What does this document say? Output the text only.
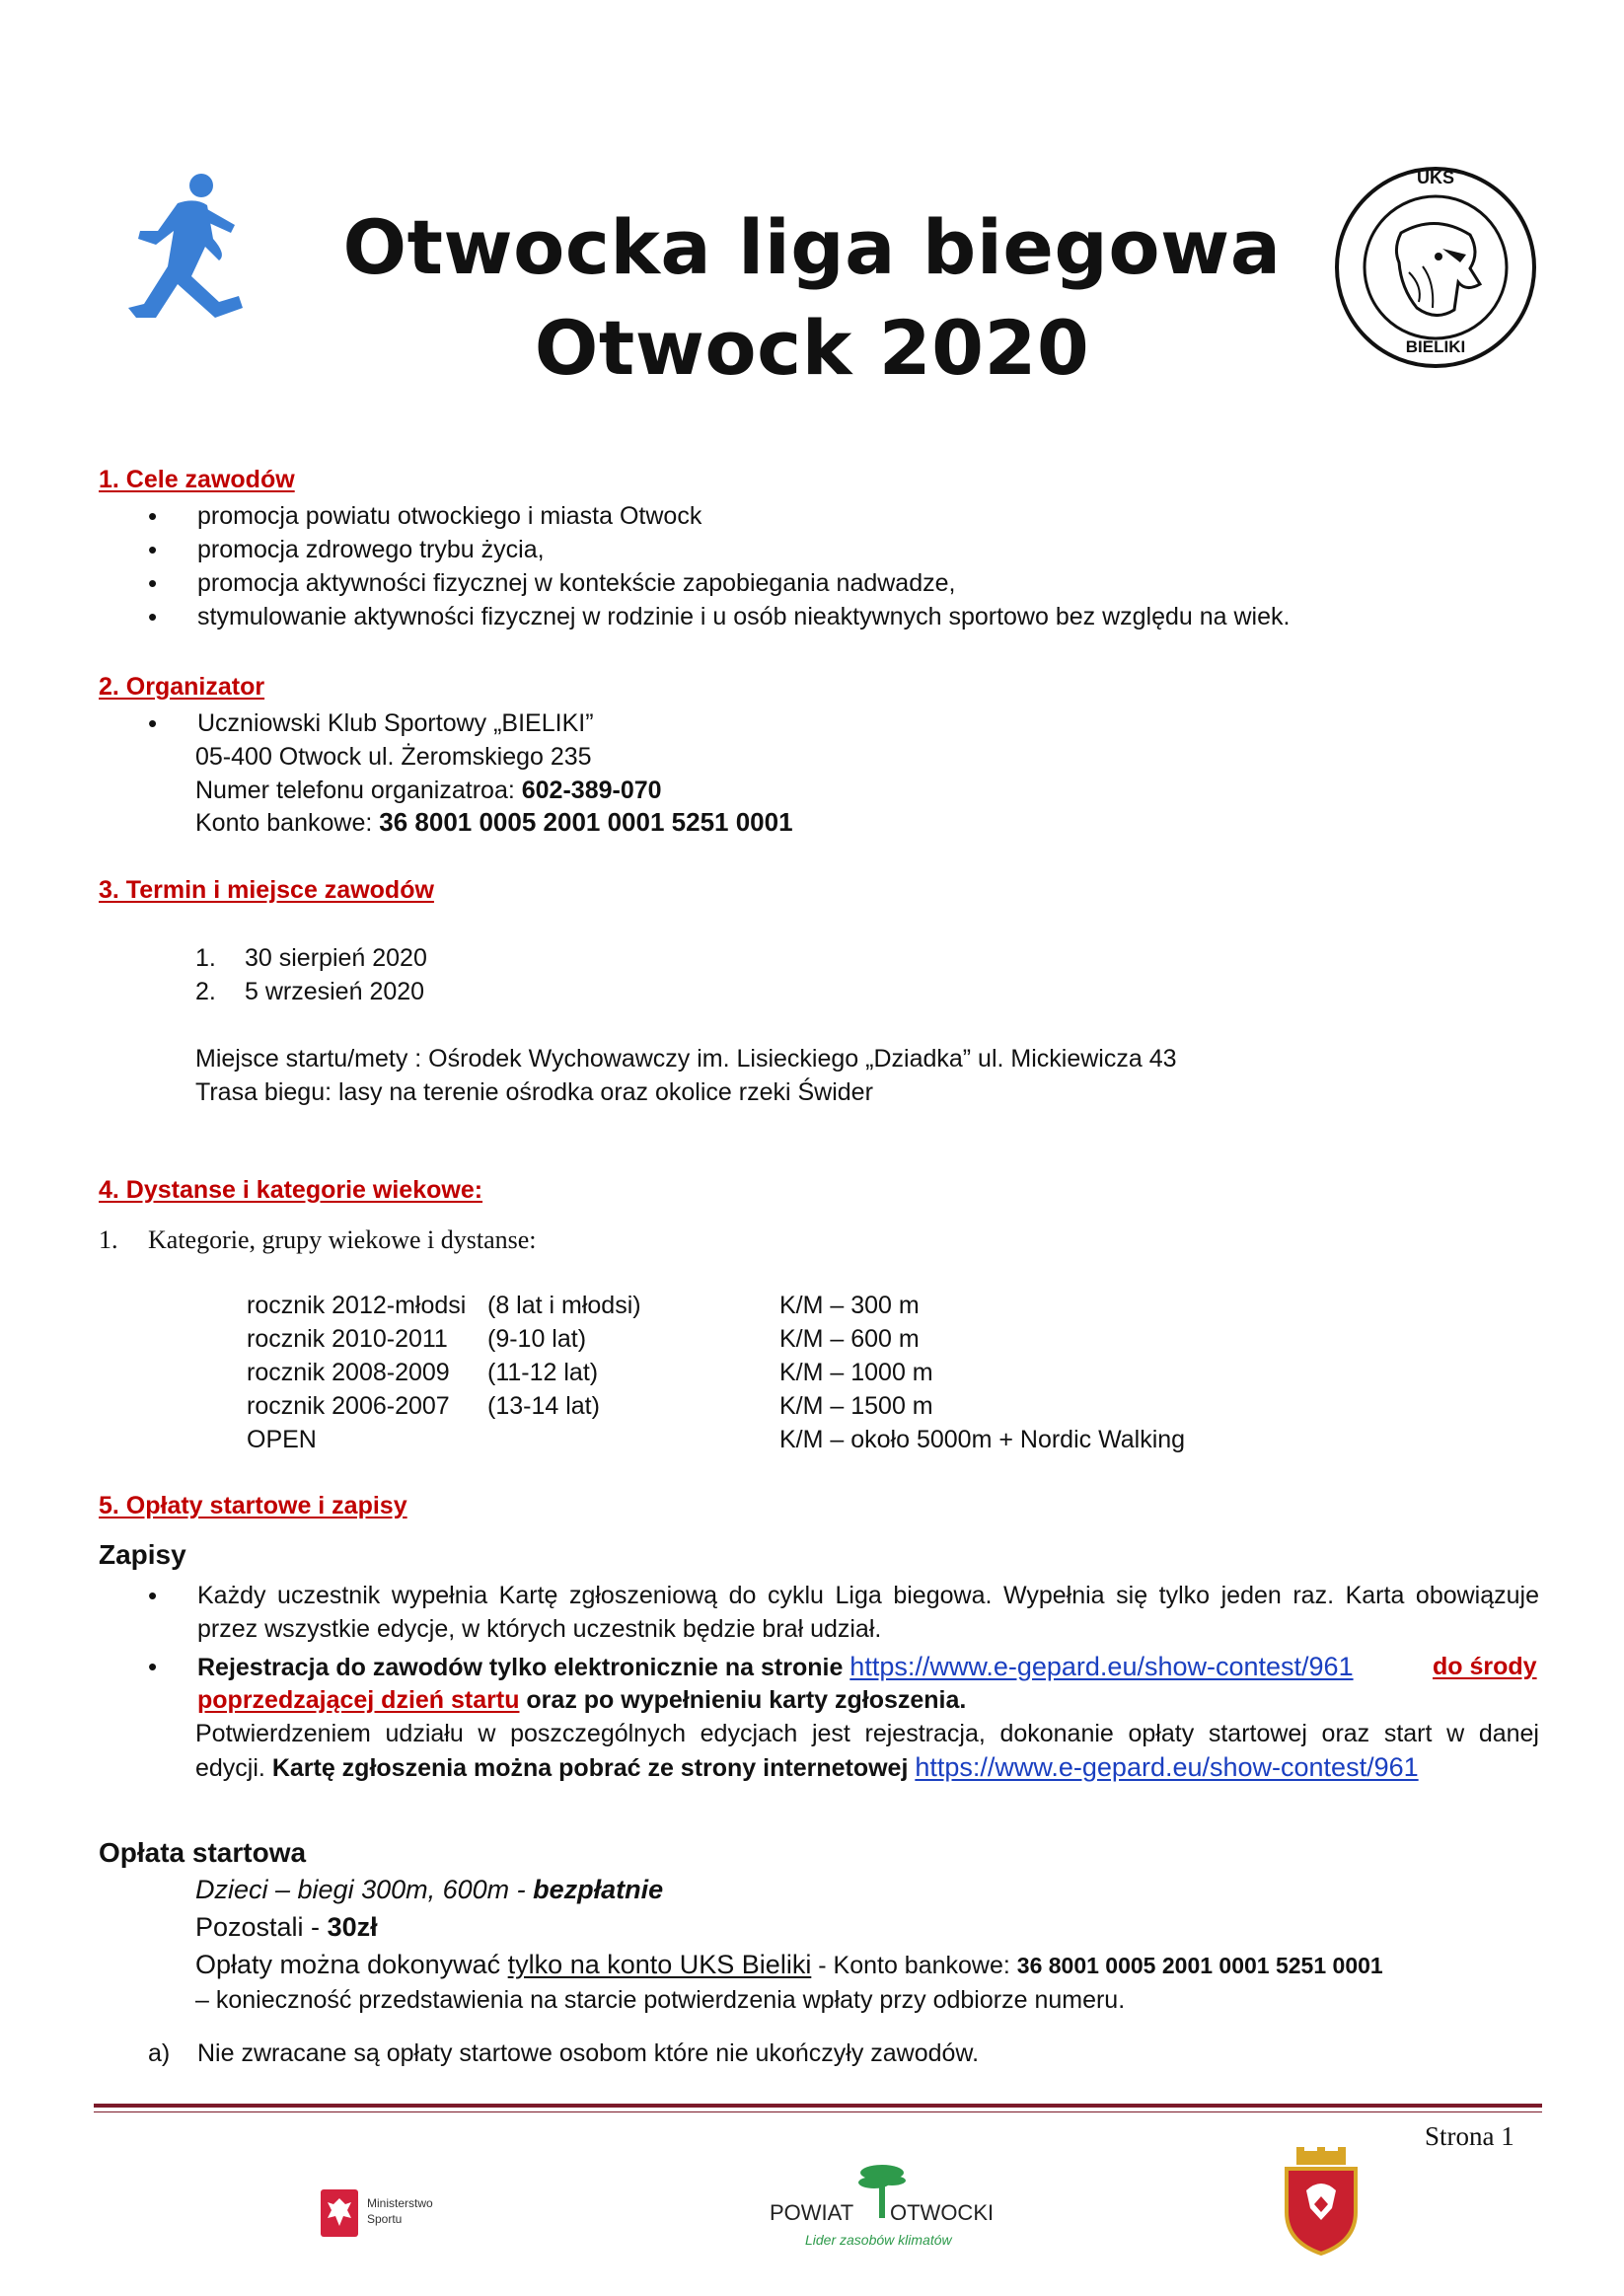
Otwocka liga biegowa
Otwock 2020
UKS
BIELIKI
1. Cele zawodów
• promocja powiatu otwockiego i miasta Otwock
• promocja zdrowego trybu życia,
• promocja aktywności fizycznej w kontekście zapobiegania nadwadze,
• stymulowanie aktywności fizycznej w rodzinie i u osób nieaktywnych sportowo bez względu na wiek.
2. Organizator
• Uczniowski Klub Sportowy „BIELIKI”
05-400 Otwock ul. Żeromskiego 235
Numer telefonu organizatroa: 602-389-070
Konto bankowe: 36 8001 0005 2001 0001 5251 0001
3. Termin i miejsce zawodów
1. 30 sierpień 2020
2. 5 wrzesień 2020
Miejsce startu/mety : Ośrodek Wychowawczy im. Lisieckiego „Dziadka” ul. Mickiewicza 43
Trasa biegu: lasy na terenie ośrodka oraz okolice rzeki Świder
4. Dystanse i kategorie wiekowe:
1. Kategorie, grupy wiekowe i dystanse:
rocznik 2012-młodsi (8 lat i młodsi)	K/M – 300 m
rocznik 2010-2011 (9-10 lat)	K/M – 600 m
rocznik 2008-2009 (11-12 lat)	K/M – 1000 m
rocznik 2006-2007 (13-14 lat)	K/M – 1500 m
OPEN	K/M – około 5000m + Nordic Walking
5. Opłaty startowe i zapisy
Zapisy
• Każdy uczestnik wypełnia Kartę zgłoszeniową do cyklu Liga biegowa. Wypełnia się tylko jeden raz. Karta obowiązuje
przez wszystkie edycje, w których uczestnik będzie brał udział.
• Rejestracja do zawodów tylko elektronicznie na stronie https://www.e-gepard.eu/show-contest/961	do środy
poprzedzającej dzień startu oraz po wypełnieniu karty zgłoszenia.
Potwierdzeniem udziału w poszczególnych edycjach jest rejestracja, dokonanie opłaty startowej oraz start w danej
edycji. Kartę zgłoszenia można pobrać ze strony internetowej https://www.e-gepard.eu/show-contest/961
Opłata startowa
Dzieci – biegi 300m, 600m - bezpłatnie
Pozostali - 30zł
Opłaty można dokonywać tylko na konto UKS Bieliki - Konto bankowe: 36 8001 0005 2001 0001 5251 0001
– konieczność przedstawienia na starcie potwierdzenia wpłaty przy odbiorze numeru.
a) Nie zwracane są opłaty startowe osobom które nie ukończyły zawodów.
Strona 1
Ministerstwo
Sportu	POWIAT OTWOCKI
Lider zasobów klimatów
